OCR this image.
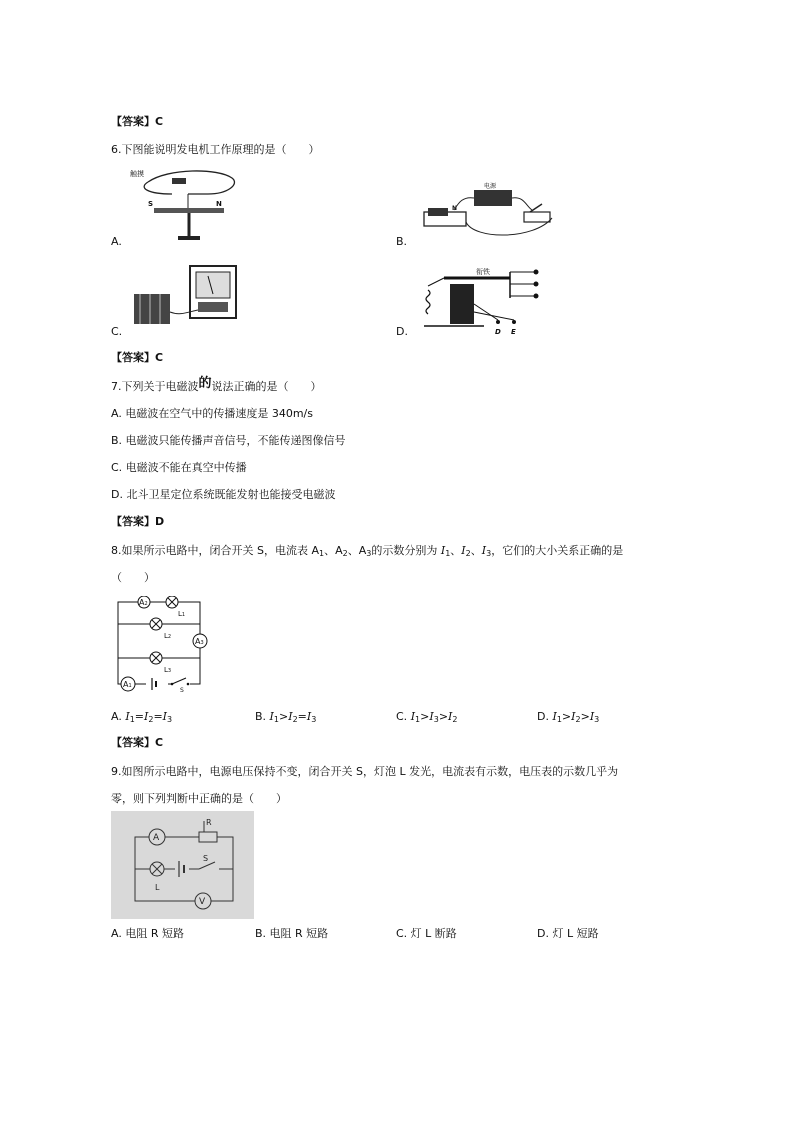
【答案】C
6.下图能说明发电机工作原理的是（　　）
S	N
触摸
A.
电源
N
B.
C.
衔铁
D E
D.
【答案】C
7.下列关于电磁波的说法正确的是（　　）
A. 电磁波在空气中的传播速度是 340m/s
B. 电磁波只能传播声音信号，不能传递图像信号
C. 电磁波不能在真空中传播
D. 北斗卫星定位系统既能发射也能接受电磁波
【答案】D
8.如果所示电路中，闭合开关 S，电流表 $A_1$、$A_2$、$A_3$的示数分别为 $I_1$、$I_2$、$I_3$，它们的大小关系正确的是
（　　）
A2
L1
L2	A3
L3
A1
S
A. $I_1=I_2=I_3$	B. $I_1>I_2=I_3$	C. $I_1>I_3>I_2$	D. $I_1>I_2>I_3$
【答案】C
9.如图所示电路中，电源电压保持不变，闭合开关 S，灯泡 L 发光，电流表有示数，电压表的示数几乎为
零，则下列判断中正确的是（　　）
A
R
S
L
V
A. 电阻 R 短路	B. 电阻 R 短路	C. 灯 L 断路	D. 灯 L 短路
